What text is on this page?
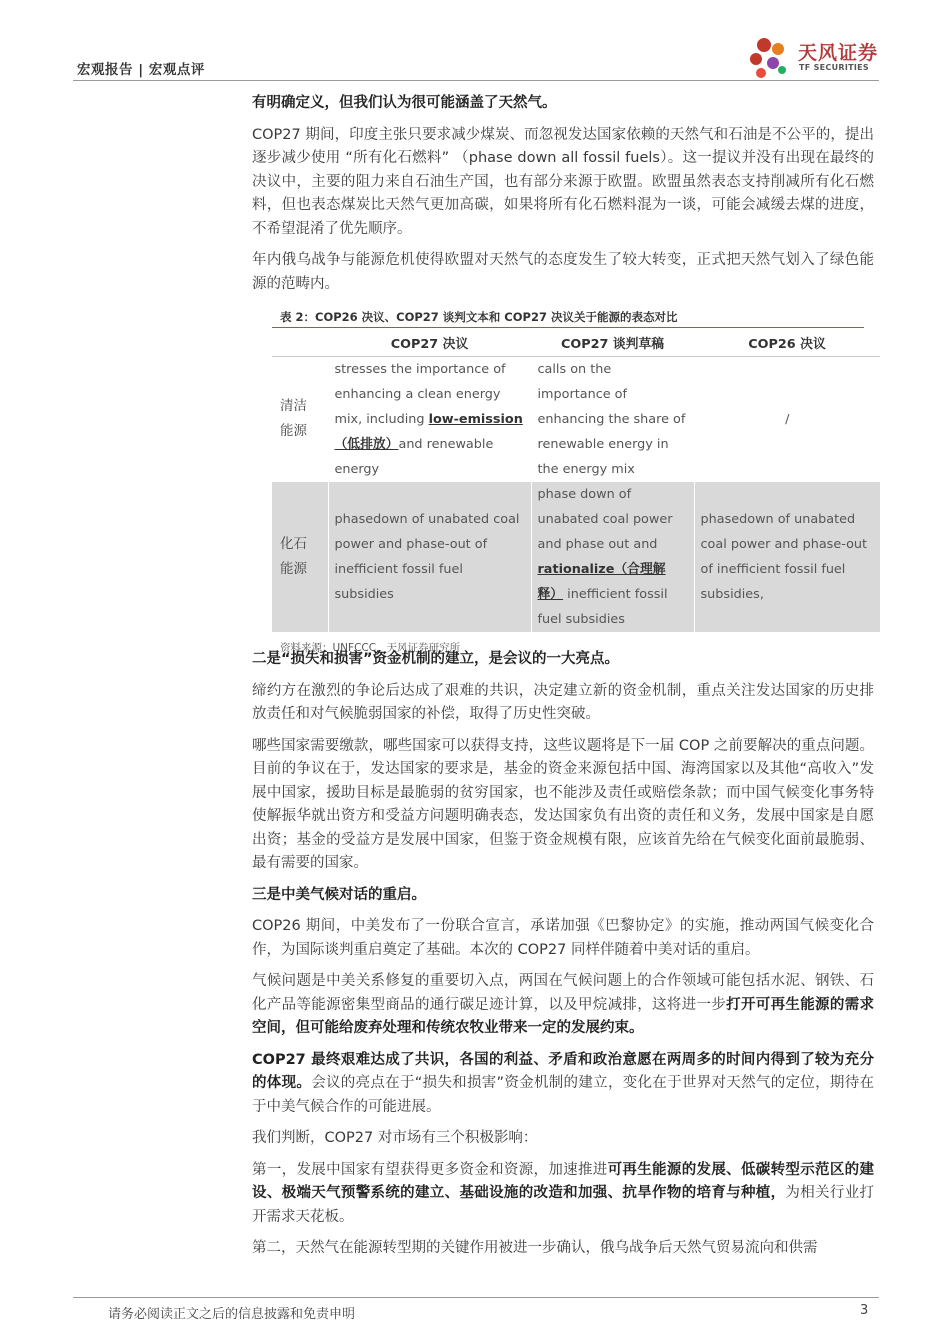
宏观报告 | 宏观点评
天风证券
TF SECURITIES

有明确定义，但我们认为很可能涵盖了天然气。

COP27 期间，印度主张只要求减少煤炭、而忽视发达国家依赖的天然气和石油是不公平的，提出逐步减少使用 “所有化石燃料” （phase down all fossil fuels）。这一提议并没有出现在最终的决议中，主要的阻力来自石油生产国，也有部分来源于欧盟。欧盟虽然表态支持削减所有化石燃料，但也表态煤炭比天然气更加高碳，如果将所有化石燃料混为一谈，可能会减缓去煤的进度，不希望混淆了优先顺序。

年内俄乌战争与能源危机使得欧盟对天然气的态度发生了较大转变，正式把天然气划入了绿色能源的范畴内。

表 2：COP26 决议、COP27 谈判文本和 COP27 决议关于能源的表态对比
	COP27 决议	COP27 谈判草稿	COP26 决议
清洁
能源	stresses the importance of enhancing a clean energy mix, including low-emission（低排放）and renewable energy	calls on the importance of enhancing the share of renewable energy in the energy mix	/
化石
能源	phasedown of unabated coal power and phase-out of inefficient fossil fuel subsidies	phase down of unabated coal power and phase out and rationalize（合理解释） inefficient fossil fuel subsidies	phasedown of unabated coal power and phase-out of inefficient fossil fuel subsidies,
资料来源：UNFCCC，天风证券研究所

二是“损失和损害”资金机制的建立，是会议的一大亮点。

缔约方在激烈的争论后达成了艰难的共识，决定建立新的资金机制，重点关注发达国家的历史排放责任和对气候脆弱国家的补偿，取得了历史性突破。

哪些国家需要缴款，哪些国家可以获得支持，这些议题将是下一届 COP 之前要解决的重点问题。目前的争议在于，发达国家的要求是，基金的资金来源包括中国、海湾国家以及其他“高收入”发展中国家，援助目标是最脆弱的贫穷国家，也不能涉及责任或赔偿条款；而中国气候变化事务特使解振华就出资方和受益方问题明确表态，发达国家负有出资的责任和义务，发展中国家是自愿出资；基金的受益方是发展中国家，但鉴于资金规模有限，应该首先给在气候变化面前最脆弱、最有需要的国家。

三是中美气候对话的重启。

COP26 期间，中美发布了一份联合宣言，承诺加强《巴黎协定》的实施，推动两国气候变化合作，为国际谈判重启奠定了基础。本次的 COP27 同样伴随着中美对话的重启。

气候问题是中美关系修复的重要切入点，两国在气候问题上的合作领域可能包括水泥、钢铁、石化产品等能源密集型商品的通行碳足迹计算，以及甲烷减排，这将进一步打开可再生能源的需求空间，但可能给废弃处理和传统农牧业带来一定的发展约束。

COP27 最终艰难达成了共识，各国的利益、矛盾和政治意愿在两周多的时间内得到了较为充分的体现。会议的亮点在于“损失和损害”资金机制的建立，变化在于世界对天然气的定位，期待在于中美气候合作的可能进展。

我们判断，COP27 对市场有三个积极影响：

第一，发展中国家有望获得更多资金和资源，加速推进可再生能源的发展、低碳转型示范区的建设、极端天气预警系统的建立、基础设施的改造和加强、抗旱作物的培育与种植，为相关行业打开需求天花板。

第二，天然气在能源转型期的关键作用被进一步确认，俄乌战争后天然气贸易流向和供需

请务必阅读正文之后的信息披露和免责申明	3
